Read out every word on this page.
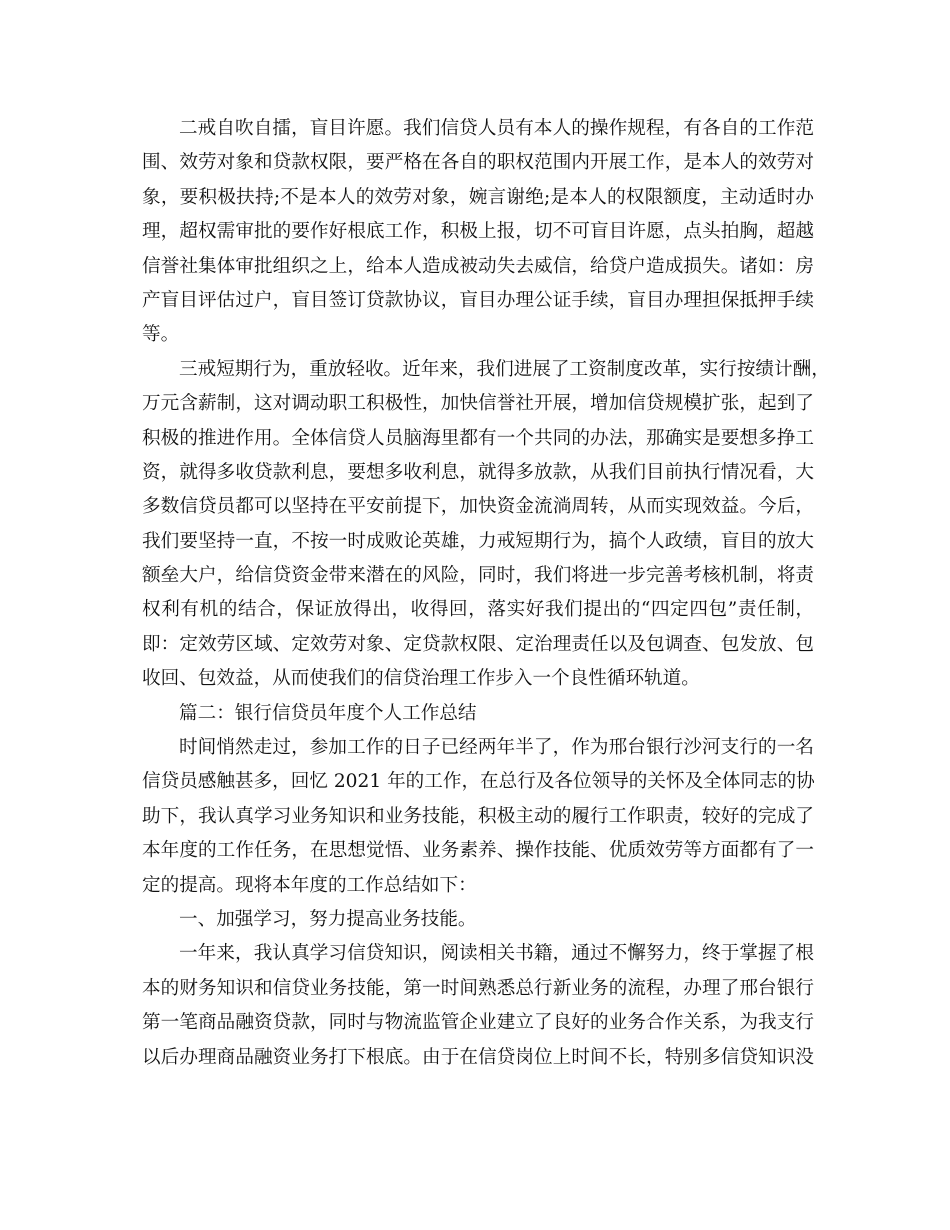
二戒自吹自擂，盲目许愿。我们信贷人员有本人的操作规程，有各自的工作范
围、效劳对象和贷款权限，要严格在各自的职权范围内开展工作，是本人的效劳对
象，要积极扶持;不是本人的效劳对象，婉言谢绝;是本人的权限额度，主动适时办
理，超权需审批的要作好根底工作，积极上报，切不可盲目许愿，点头拍胸，超越
信誉社集体审批组织之上，给本人造成被动失去威信，给贷户造成损失。诸如：房
产盲目评估过户，盲目签订贷款协议，盲目办理公证手续，盲目办理担保抵押手续
等。
三戒短期行为，重放轻收。近年来，我们进展了工资制度改革，实行按绩计酬，
万元含薪制，这对调动职工积极性，加快信誉社开展，增加信贷规模扩张，起到了
积极的推进作用。全体信贷人员脑海里都有一个共同的办法，那确实是要想多挣工
资，就得多收贷款利息，要想多收利息，就得多放款，从我们目前执行情况看，大
多数信贷员都可以坚持在平安前提下，加快资金流淌周转，从而实现效益。今后，
我们要坚持一直，不按一时成败论英雄，力戒短期行为，搞个人政绩，盲目的放大
额垒大户，给信贷资金带来潜在的风险，同时，我们将进一步完善考核机制，将责
权利有机的结合，保证放得出，收得回，落实好我们提出的“四定四包”责任制，
即：定效劳区域、定效劳对象、定贷款权限、定治理责任以及包调查、包发放、包
收回、包效益，从而使我们的信贷治理工作步入一个良性循环轨道。
篇二：银行信贷员年度个人工作总结
时间悄然走过，参加工作的日子已经两年半了，作为邢台银行沙河支行的一名
信贷员感触甚多，回忆 2021 年的工作，在总行及各位领导的关怀及全体同志的协
助下，我认真学习业务知识和业务技能，积极主动的履行工作职责，较好的完成了
本年度的工作任务，在思想觉悟、业务素养、操作技能、优质效劳等方面都有了一
定的提高。现将本年度的工作总结如下：
一、加强学习，努力提高业务技能。
一年来，我认真学习信贷知识，阅读相关书籍，通过不懈努力，终于掌握了根
本的财务知识和信贷业务技能，第一时间熟悉总行新业务的流程，办理了邢台银行
第一笔商品融资贷款，同时与物流监管企业建立了良好的业务合作关系，为我支行
以后办理商品融资业务打下根底。由于在信贷岗位上时间不长，特别多信贷知识没
